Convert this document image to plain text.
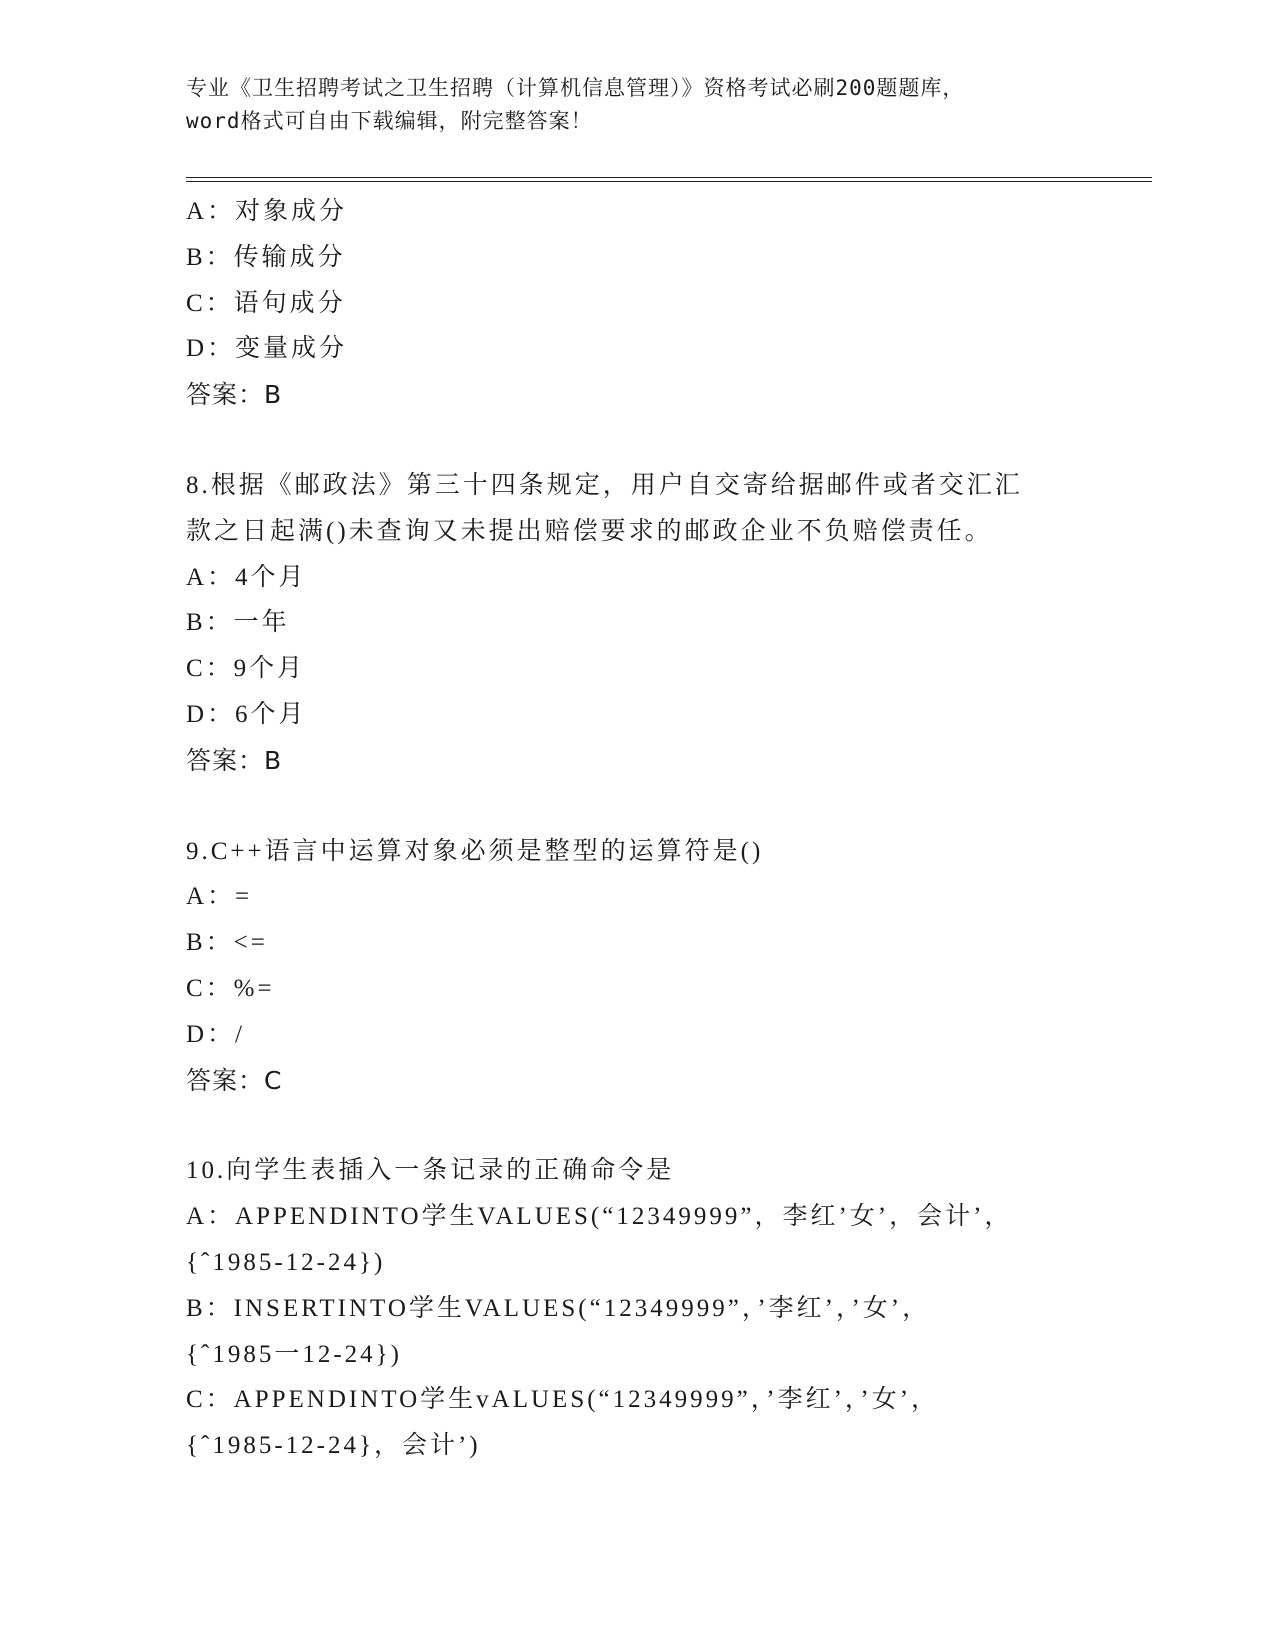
专业《卫生招聘考试之卫生招聘（计算机信息管理）》资格考试必刷200题题库，
word格式可自由下载编辑，附完整答案！
A：对象成分
B：传输成分
C：语句成分
D：变量成分
答案：B
8.根据《邮政法》第三十四条规定，用户自交寄给据邮件或者交汇汇
款之日起满()未查询又未提出赔偿要求的邮政企业不负赔偿责任。
A：4个月
B：一年
C：9个月
D：6个月
答案：B
9.C++语言中运算对象必须是整型的运算符是()
A：=
B：<=
C：%=
D：/
答案：C
10.向学生表插入一条记录的正确命令是
A：APPENDINTO学生VALUES(“12349999”，李红’女’，会计’，
{ˆ1985-12-24})
B：INSERTINTO学生VALUES(“12349999”，’李红’，’女’，
{ˆ1985一12-24})
C：APPENDINTO学生vALUES(“12349999”，’李红’，’女’，
{ˆ1985-12-24}，会计’)
